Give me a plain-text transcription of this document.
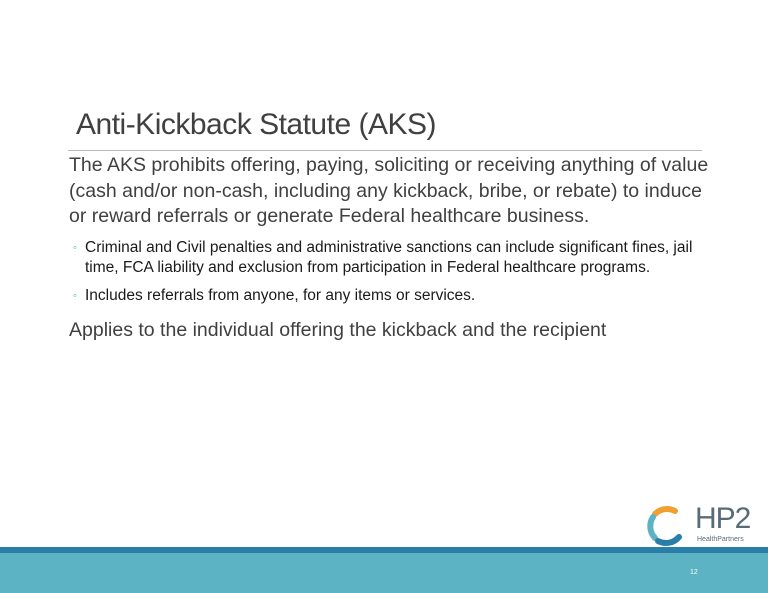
Anti-Kickback Statute (AKS)

The AKS prohibits offering, paying, soliciting or receiving anything of value (cash and/or non-cash, including any kickback, bribe, or rebate) to induce or reward referrals or generate Federal healthcare business.

◦ Criminal and Civil penalties and administrative sanctions can include significant fines, jail time, FCA liability and exclusion from participation in Federal healthcare programs.
◦ Includes referrals from anyone, for any items or services.

Applies to the individual offering the kickback and the recipient

HP2
HealthPartners
12
